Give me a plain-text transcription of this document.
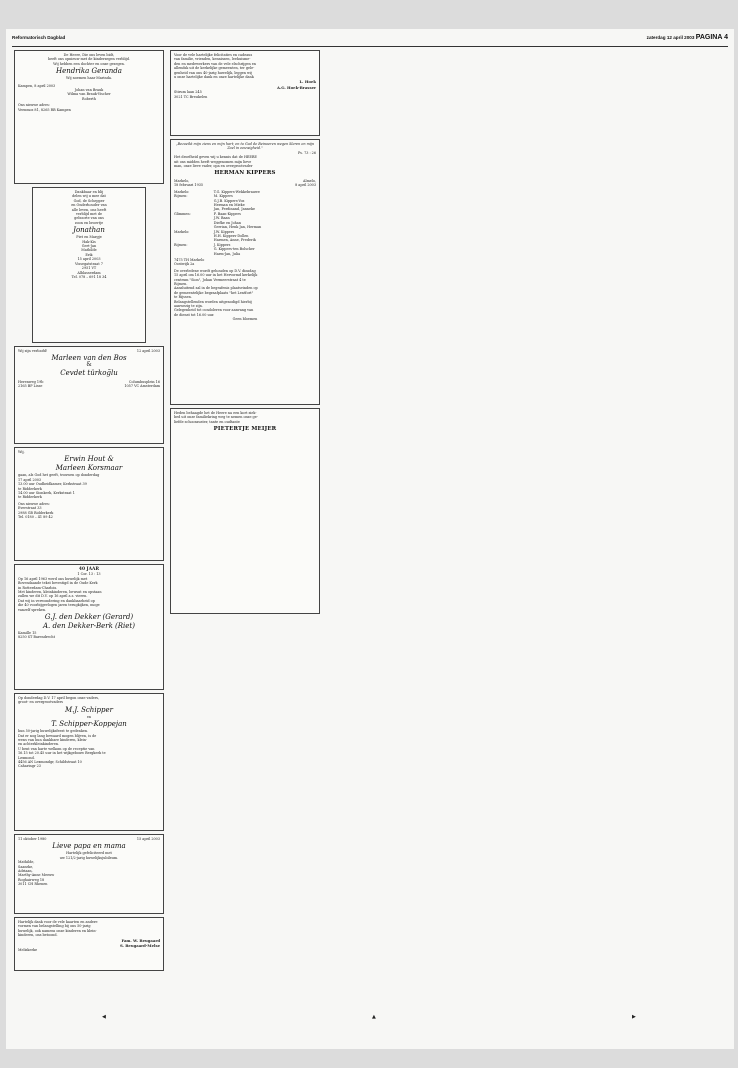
Reformatorisch Dagblad	zaterdag 12 april 2003 PAGINA 4
De Heere, Die ons leven bidt,
heeft ons opnieuw met de kinderzegen verblijd.
Wij hebben een dochter en onze gezegen.
Hendrika Geranda
Wij noemen haar Marinda.
Kampen, 8 april 2003
Johan van Brauk
Wilma van Brauk-Vischer
Roberth
Ons nieuwe adres:
Veenmos 81, 8265 RB Kampen
Dankbaar en blij
delen wij u mee dat
God, de Schepper
en Onderhouder van
alle leven, ons heeft
verblijd met de
geboorte van ons
zoon en broertje
Jonathan
Piet en Margje
Hak-Kis
Gert-Jan
Mathilde
Erik
15 april 2003
Vissegatstraat 7
2951 VT
Alblasserdam
Tel. 078 – 691 18 34
Wij zijn verloofd!	12 april 2003
Marleen van den Bos
&
Cevdet türkoğlu
Herenweg 19b
2165 BP Lisse
Columbusplein 16
1057 VC Amsterdam
Wij,
Erwin Hout &
Marleen Korsmaar
gaan, als God het geeft, trouwen op donderdag
17 april 2003
13.00 uur Oudheidkamer, Kerkstraat 39
te Ridderkerk
14.00 uur Sionkerk, Kerkstraat 1
te Ridderkerk
Ons nieuwe adres:
Everstraat 33
2988 GB Ridderkerk
Tel. 0180 – 41 89 42
40 JAAR
1 Cor. 13 : 13
Op 16 april 1963 werd ons huwelijk met
Bovendaande tekst bevestigd in de Oude Kerk
in Rotterdam-Charlois.
Met kinderen, kleinkinderen, bewust en opstaan
zullen we dit D.V. op 16 april a.s. vieren.
Dat wij in verwondering en dankbaarheid op
die 40 voorbijgevlogen jaren terugkijken, moge
vanzelf spreken.
G.J. den Dekker (Gerard)
A. den Dekker-Berk (Riet)
Kamille 15
8250 ST Barendrecht
Op donderdag D.V. 17 april begon onze vaders,
groot- en overgrootvaders
M.J. Schipper
en
T. Schipper-Koppejan
hun 50-jarig huwelijksfeest te gedenken.
Dat er nog lang bewaard mogen blijven, is de
wens van hun dankbare kinderen, klein-
en achterkleinkinderen.
U bent van harte welkom op de receptie van
16.15 tot 20.45 uur in het wijkgebouw Bergkerk te
Lexmond.
4456 AN Lexmondgr, Schildstraat 10
Caharingr 23
11 oktober 1980	15 april 2003
Lieve papa en mama
Hartelijk gefeliciteerd met
uw 121/2-jarig huwelijksjubileum.
Mathilde,
Saanrke,
Adriaan,
Marthy-Anne Meeuw
Roghairweg 18
3011 CH Rhenen
Hartelijk dank voor de vele kaarten en andere
vormen van belangstelling bij ons 50-jarig
huwelijk, ook namens onze kinderen en klein-
kinderen, ons betoond.
Fam. W. Beugaard
S. Beugaard-Melse
Meliskerke
Voor de vele hartelijke felicitaties en cadeaus
van familie, vrienden, kennissen, leehuisme-
den en medewerkers van de vele elschrijgen en
allendsk uit de kerkelijke gemeenten, ter gele-
genheid van ons 40-jarig huwelijk, leggen wij
u onze hartelijke dank en onze hartelijke dank
L. Hoek
A.G. Hoek-Brasser
Stirum laan 245
3021 TC Breukelen
„Bezoeikt mijn ziens en mijn hart; en to God de Beinoeren wegen kleren en mijn Zoel in eeuwigheid."
Ps. 73 : 26
Het droefheid geven wij u kennis dat de HEERE
uit ons midden heeft weggenomen mijn lieve
man, onze lieve vader, opa en overgrootvader
HERMAN KIPPERS
Markelo,	Almelo,
18 februari 1935	8 april 2003
Markelo:	T.G. Kippers-Wekkebrauwe
Rijssen:	M. Kippers
G.J.B. Kippers-Vos
Herman en Mieke
Jan, Ferdinand, Janneke
Glimmen:	F. Baan-Kippers
J.W. Baan
Diefke en Johan
Gerrian, Henk Jan, Herman
Markelo:	J.W. Kippers
H.H. Kippers-Dollen
Harmen, Anne, Frederik
Rijssen:	J. Kippers
G. Kippers-ten Bolscher
Harm-Jan, Julia
7475 TH Markelo
Oostwijk 2a
De overledene wordt gehouden op D.V. dinsdag
15 april om 16.00 uur in het Hervormd kerkelijk
centrum "Sion", Johan Vermeerstraat 4 te
Rijssen.
Aansluitend zal in de begrafenis plaatsvinden op
de gemeentelijke begraafplaats "het Lentfort"
te Rijssen.
Belangstellenden worden uitgenodigd hierbij
aanwezig te zijn.
Gelegenheid tot condoleren voor aanvang van
de dienst tot 16.00 uur.
Geen bloemen
Heden behaagde het de Heere na een kort ziek-
bed uit onze familiekring weg te nemen onze ge-
liefde schoonzuster, tante en oudtante
PIETERTJE MEIJER
◀	▲	▶
